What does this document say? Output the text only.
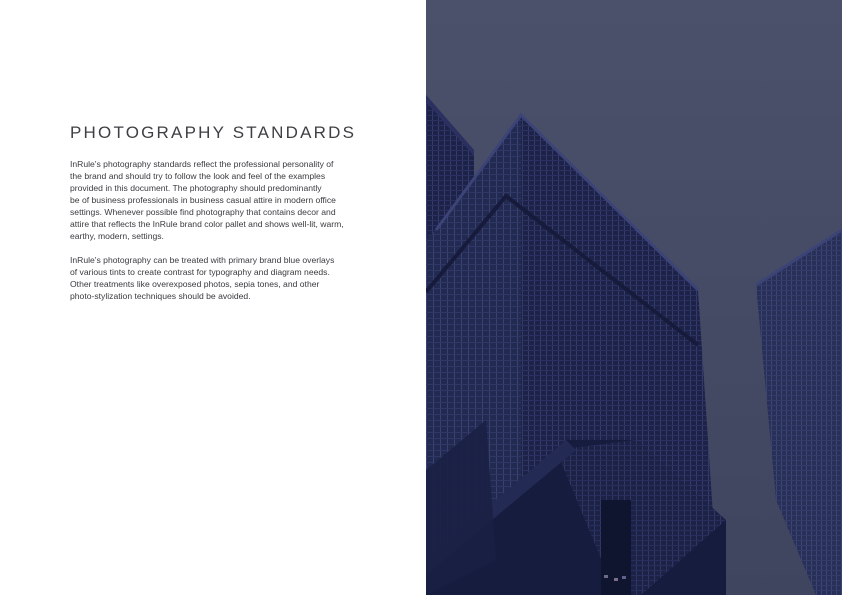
PHOTOGRAPHY STANDARDS

InRule's photography standards reflect the professional personality of
the brand and should try to follow the look and feel of the examples
provided in this document. The photography should predominantly
be of business professionals in business casual attire in modern office
settings. Whenever possible find photography that contains decor and
attire that reflects the InRule brand color pallet and shows well-lit, warm,
earthy, modern, settings.

InRule's photography can be treated with primary brand blue overlays
of various tints to create contrast for typography and diagram needs.
Other treatments like overexposed photos, sepia tones, and other
photo-stylization techniques should be avoided.
